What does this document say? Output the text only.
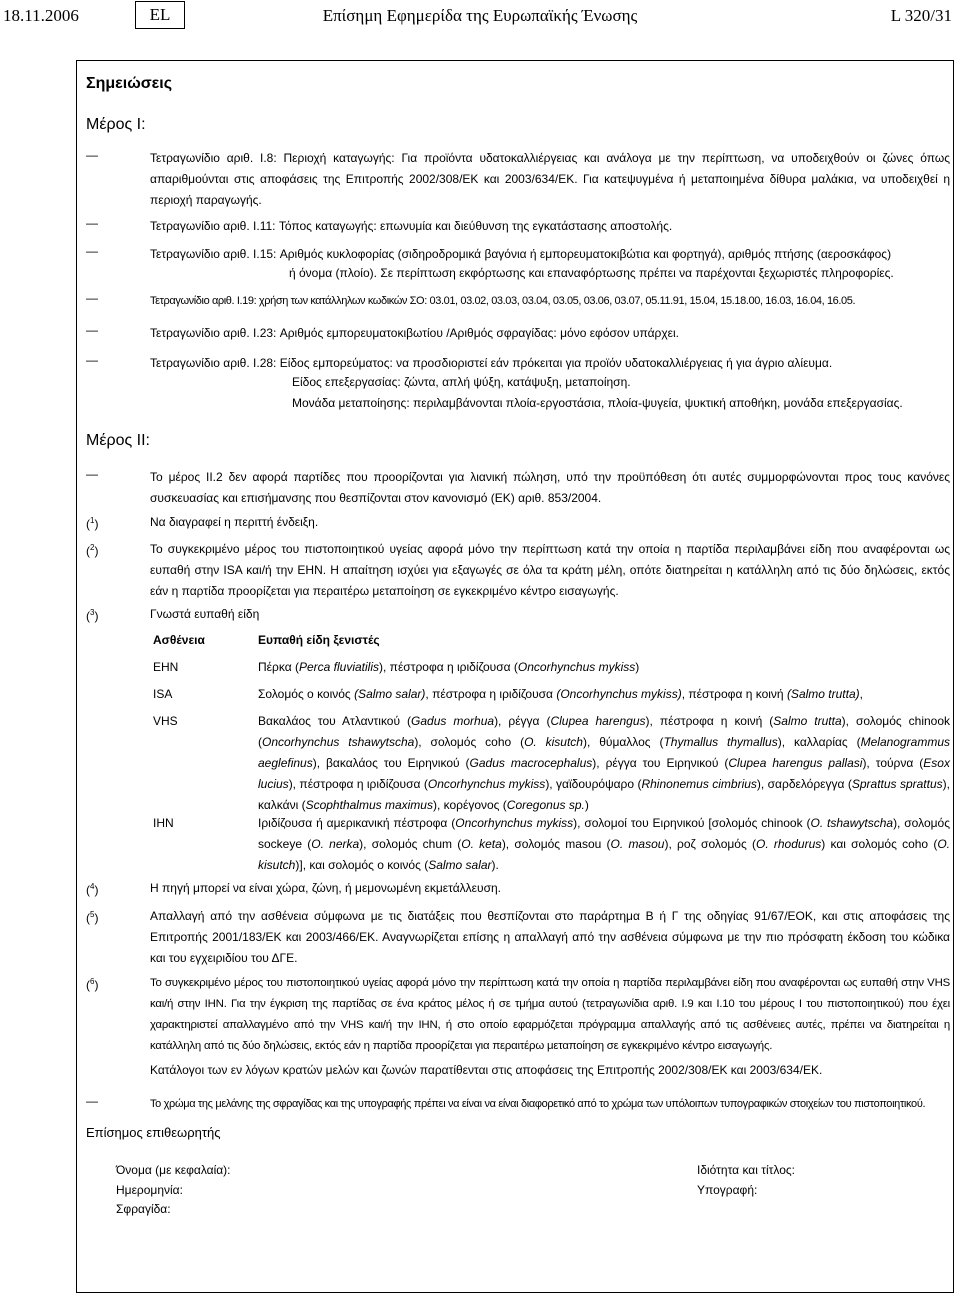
18.11.2006	EL	Επίσημη Εφημερίδα της Ευρωπαϊκής Ένωσης	L 320/31
Σημειώσεις
Μέρος I:
—	Τετραγωνίδιο αριθ. I.8: Περιοχή καταγωγής: Για προϊόντα υδατοκαλλιέργειας και ανάλογα με την περίπτωση, να υποδειχθούν οι ζώνες όπως απαριθμούνται στις αποφάσεις της Επιτροπής 2002/308/ΕΚ και 2003/634/ΕΚ. Για κατεψυγμένα ή μεταποιημένα δίθυρα μαλάκια, να υποδειχθεί η περιοχή παραγωγής.
—	Τετραγωνίδιο αριθ. I.11: Τόπος καταγωγής: επωνυμία και διεύθυνση της εγκατάστασης αποστολής.
—	Τετραγωνίδιο αριθ. I.15: Αριθμός κυκλοφορίας (σιδηροδρομικά βαγόνια ή εμπορευματοκιβώτια και φορτηγά), αριθμός πτήσης (αεροσκάφος)
ή όνομα (πλοίο). Σε περίπτωση εκφόρτωσης και επαναφόρτωσης πρέπει να παρέχονται ξεχωριστές πληροφορίες.
—	Τετραγωνίδιο αριθ. I.19: χρήση των κατάλληλων κωδικών ΣΟ: 03.01, 03.02, 03.03, 03.04, 03.05, 03.06, 03.07, 05.11.91, 15.04, 15.18.00, 16.03, 16.04, 16.05.
—	Τετραγωνίδιο αριθ. I.23: Αριθμός εμπορευματοκιβωτίου /Αριθμός σφραγίδας: μόνο εφόσον υπάρχει.
—	Τετραγωνίδιο αριθ. I.28: Είδος εμπορεύματος: να προσδιοριστεί εάν πρόκειται για προϊόν υδατοκαλλιέργειας ή για άγριο αλίευμα.
Είδος επεξεργασίας: ζώντα, απλή ψύξη, κατάψυξη, μεταποίηση.
Μονάδα μεταποίησης: περιλαμβάνονται πλοία-εργοστάσια, πλοία-ψυγεία, ψυκτική αποθήκη, μονάδα επεξεργασίας.
Μέρος II:
—	Το μέρος II.2 δεν αφορά παρτίδες που προορίζονται για λιανική πώληση, υπό την προϋπόθεση ότι αυτές συμμορφώνονται προς τους κανόνες συσκευασίας και επισήμανσης που θεσπίζονται στον κανονισμό (ΕΚ) αριθ. 853/2004.
($^1$)	Να διαγραφεί η περιττή ένδειξη.
($^2$)	Το συγκεκριμένο μέρος του πιστοποιητικού υγείας αφορά μόνο την περίπτωση κατά την οποία η παρτίδα περιλαμβάνει είδη που αναφέρονται ως ευπαθή στην ISA και/ή την EHN. Η απαίτηση ισχύει για εξαγωγές σε όλα τα κράτη μέλη, οπότε διατηρείται η κατάλληλη από τις δύο δηλώσεις, εκτός εάν η παρτίδα προορίζεται για περαιτέρω μεταποίηση σε εγκεκριμένο κέντρο εισαγωγής.
($^3$)	Γνωστά ευπαθή είδη
Ασθένεια	Ευπαθή είδη ξενιστές
EHN	Πέρκα (Perca fluviatilis), πέστροφα η ιριδίζουσα (Oncorhynchus mykiss)
ISA	Σολομός ο κοινός (Salmo salar), πέστροφα η ιριδίζουσα (Oncorhynchus mykiss), πέστροφα η κοινή (Salmo trutta),
VHS	Βακαλάος του Ατλαντικού (Gadus morhua), ρέγγα (Clupea harengus), πέστροφα η κοινή (Salmo trutta), σολομός chinook (Oncorhynchus tshawytscha), σολομός coho (O. kisutch), θύμαλλος (Thymallus thymallus), καλλαρίας (Melanogrammus aeglefinus), βακαλάος του Ειρηνικού (Gadus macrocephalus), ρέγγα του Ειρηνικού (Clupea harengus pallasi), τούρνα (Esox lucius), πέστροφα η ιριδίζουσα (Oncorhynchus mykiss), γαϊδουρόψαρο (Rhinonemus cimbrius), σαρδελόρεγγα (Sprattus sprattus), καλκάνι (Scophthalmus maximus), κορέγονος (Coregonus sp.)
IHN	Ιριδίζουσα ή αμερικανική πέστροφα (Oncorhynchus mykiss), σολομοί του Ειρηνικού [σολομός chinook (O. tshawytscha), σολομός sockeye (O. nerka), σολομός chum (O. keta), σολομός masou (O. masou), ροζ σολομός (O. rhodurus) και σολομός coho (O. kisutch)], και σολομός ο κοινός (Salmo salar).
($^4$)	Η πηγή μπορεί να είναι χώρα, ζώνη, ή μεμονωμένη εκμετάλλευση.
($^5$)	Απαλλαγή από την ασθένεια σύμφωνα με τις διατάξεις που θεσπίζονται στο παράρτημα Β ή Γ της οδηγίας 91/67/ΕΟΚ, και στις αποφάσεις της Επιτροπής 2001/183/ΕΚ και 2003/466/ΕΚ. Αναγνωρίζεται επίσης η απαλλαγή από την ασθένεια σύμφωνα με την πιο πρόσφατη έκδοση του κώδικα και του εγχειριδίου του ΔΓΕ.
($^6$)	Το συγκεκριμένο μέρος του πιστοποιητικού υγείας αφορά μόνο την περίπτωση κατά την οποία η παρτίδα περιλαμβάνει είδη που αναφέρονται ως ευπαθή στην VHS και/ή στην IHN. Για την έγκριση της παρτίδας σε ένα κράτος μέλος ή σε τμήμα αυτού (τετραγωνίδια αριθ. I.9 και I.10 του μέρους I του πιστοποιητικού) που έχει χαρακτηριστεί απαλλαγμένο από την VHS και/ή την IHN, ή στο οποίο εφαρμόζεται πρόγραμμα απαλλαγής από τις ασθένειες αυτές, πρέπει να διατηρείται η κατάλληλη από τις δύο δηλώσεις, εκτός εάν η παρτίδα προορίζεται για περαιτέρω μεταποίηση σε εγκεκριμένο κέντρο εισαγωγής.
Κατάλογοι των εν λόγων κρατών μελών και ζωνών παρατίθενται στις αποφάσεις της Επιτροπής 2002/308/ΕΚ και 2003/634/ΕΚ.
—	Το χρώμα της μελάνης της σφραγίδας και της υπογραφής πρέπει να είναι να είναι διαφορετικό από το χρώμα των υπόλοιπων τυπογραφικών στοιχείων του πιστοποιητικού.
Επίσημος επιθεωρητής
Όνομα (με κεφαλαία):
Ημερομηνία:
Σφραγίδα:
Ιδιότητα και τίτλος:
Υπογραφή:
